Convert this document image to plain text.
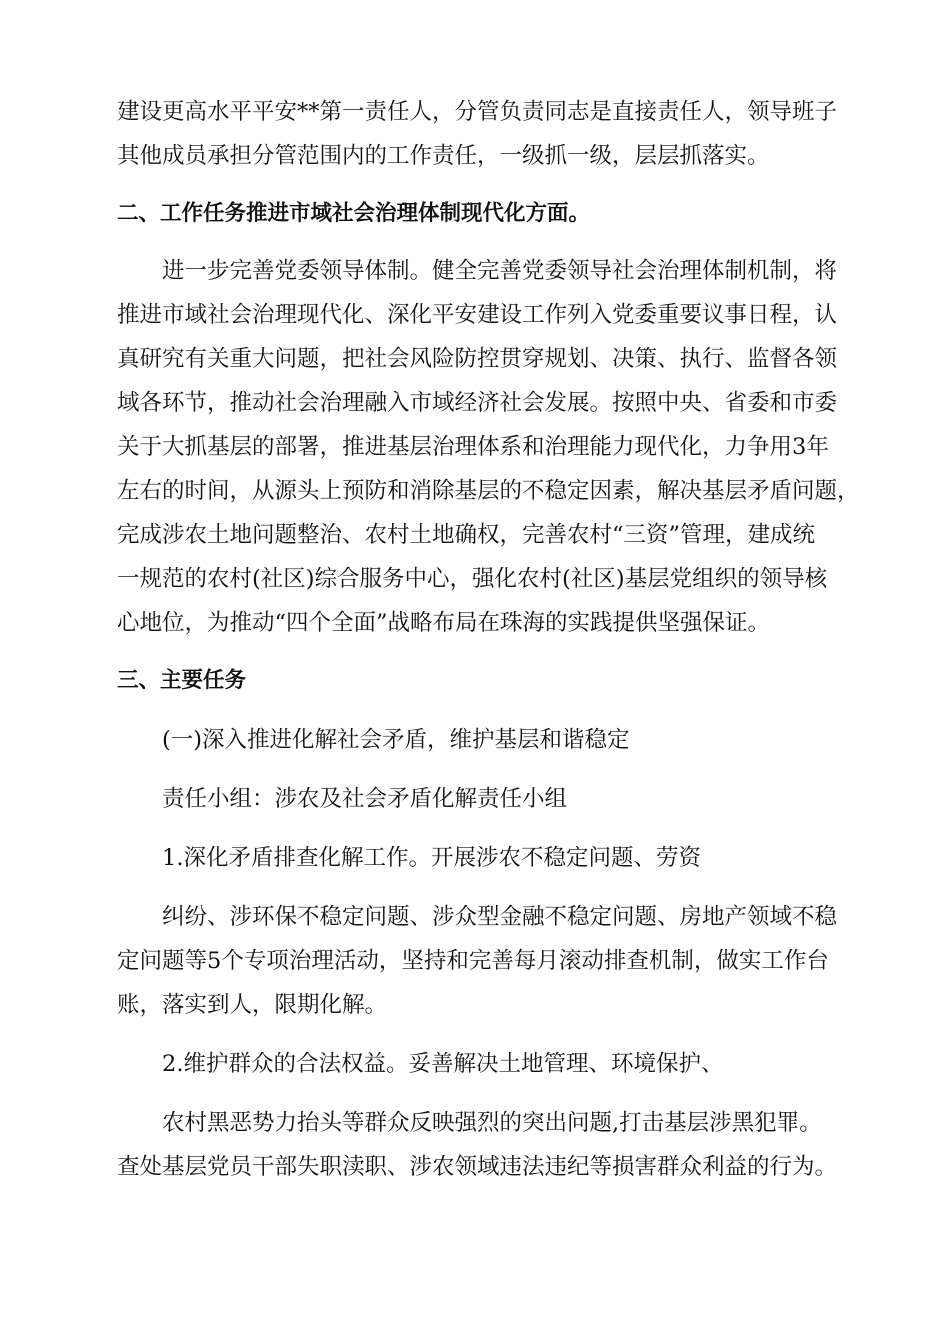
建设更高水平平安**第一责任人，分管负责同志是直接责任人，领导班子
其他成员承担分管范围内的工作责任，一级抓一级，层层抓落实。
二、工作任务推进市域社会治理体制现代化方面。
进一步完善党委领导体制。健全完善党委领导社会治理体制机制，将
推进市域社会治理现代化、深化平安建设工作列入党委重要议事日程，认
真研究有关重大问题，把社会风险防控贯穿规划、决策、执行、监督各领
域各环节，推动社会治理融入市域经济社会发展。按照中央、省委和市委
关于大抓基层的部署，推进基层治理体系和治理能力现代化，力争用3年
左右的时间，从源头上预防和消除基层的不稳定因素，解决基层矛盾问题，
完成涉农土地问题整治、农村土地确权，完善农村“三资”管理，建成统
一规范的农村(社区)综合服务中心，强化农村(社区)基层党组织的领导核
心地位，为推动“四个全面”战略布局在珠海的实践提供坚强保证。
三、主要任务
(一)深入推进化解社会矛盾，维护基层和谐稳定
责任小组：涉农及社会矛盾化解责任小组
1.深化矛盾排查化解工作。开展涉农不稳定问题、劳资
纠纷、涉环保不稳定问题、涉众型金融不稳定问题、房地产领域不稳
定问题等5个专项治理活动，坚持和完善每月滚动排查机制，做实工作台
账，落实到人，限期化解。
2.维护群众的合法权益。妥善解决土地管理、环境保护、
农村黑恶势力抬头等群众反映强烈的突出问题,打击基层涉黑犯罪。
查处基层党员干部失职渎职、涉农领域违法违纪等损害群众利益的行为。
